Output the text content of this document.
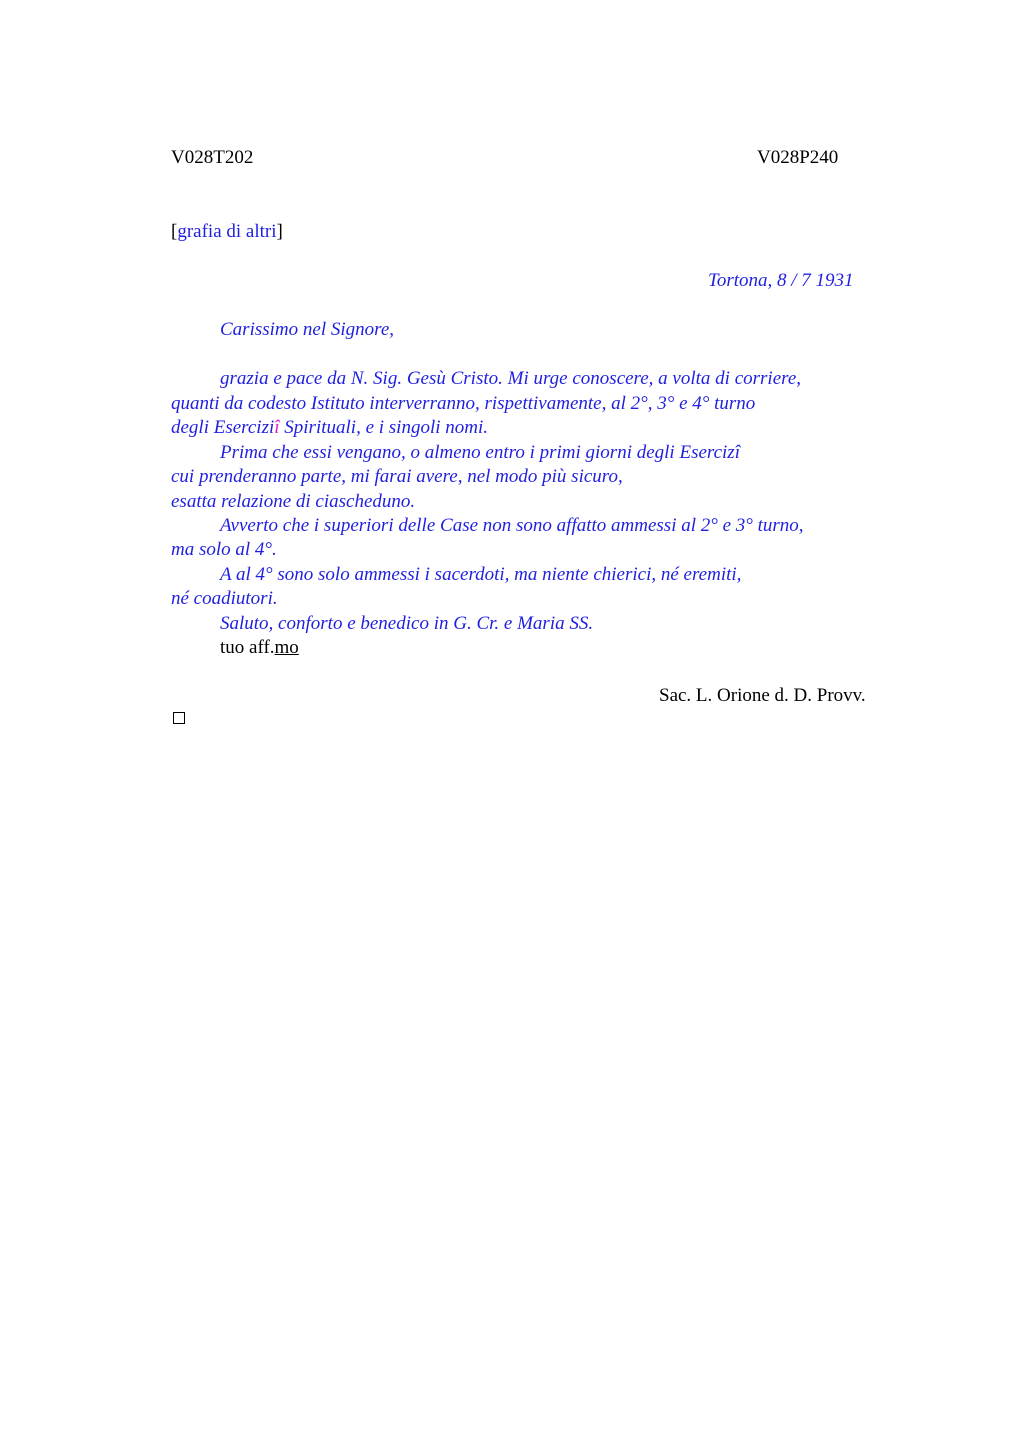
V028T202	V028P240
[grafia di altri]
Tortona, 8 / 7 1931
Carissimo nel Signore,
grazia e pace da N. Sig. Gesù Cristo. Mi urge conoscere, a volta di corriere,
quanti da codesto Istituto interverranno, rispettivamente, al 2°, 3° e 4° turno
degli Eserciziî Spirituali, e i singoli nomi.
Prima che essi vengano, o almeno entro i primi giorni degli Esercizî
cui prenderanno parte, mi farai avere, nel modo più sicuro,
esatta relazione di ciascheduno.
Avverto che i superiori delle Case non sono affatto ammessi al 2° e 3° turno,
ma solo al 4°.
A al 4° sono solo ammessi i sacerdoti, ma niente chierici, né eremiti,
né coadiutori.
Saluto, conforto e benedico in G. Cr. e Maria SS.
tuo aff.mo
Sac. L. Orione d. D. Provv.
